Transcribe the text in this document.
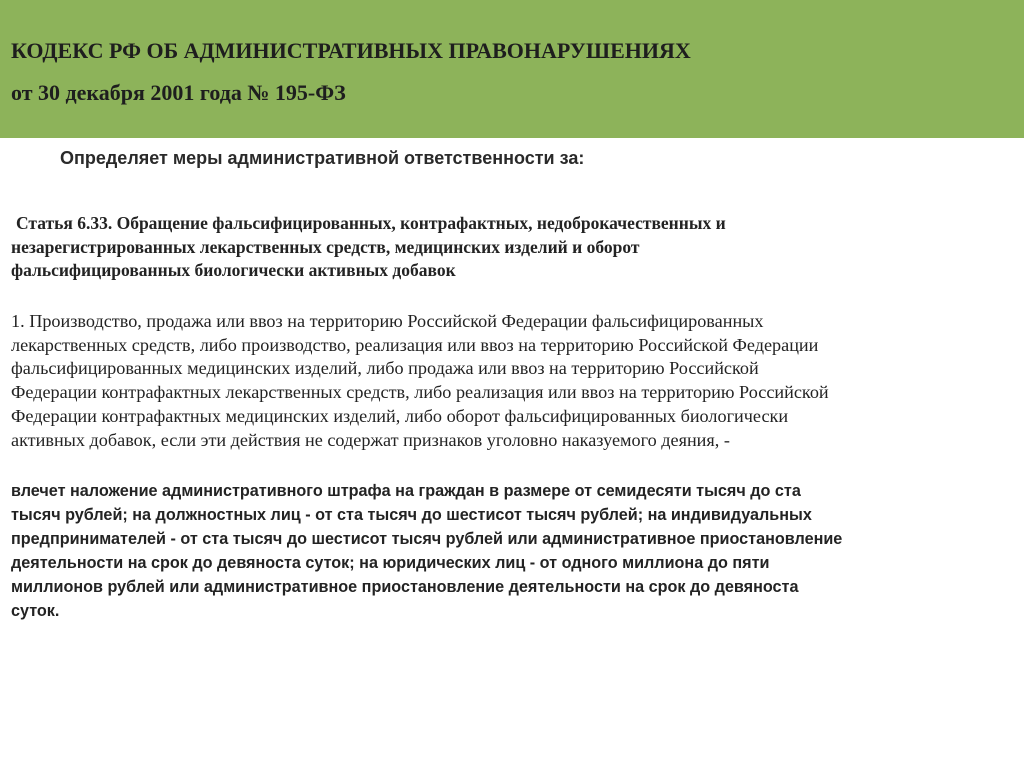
КОДЕКС РФ ОБ АДМИНИСТРАТИВНЫХ ПРАВОНАРУШЕНИЯХ
от 30 декабря 2001 года № 195-ФЗ
Определяет меры административной ответственности за:
Статья 6.33. Обращение фальсифицированных, контрафактных, недоброкачественных и
незарегистрированных лекарственных средств, медицинских изделий и оборот
фальсифицированных биологически активных добавок
1. Производство, продажа или ввоз на территорию Российской Федерации фальсифицированных
лекарственных средств, либо производство, реализация или ввоз на территорию Российской Федерации
фальсифицированных медицинских изделий, либо продажа или ввоз на территорию Российской
Федерации контрафактных лекарственных средств, либо реализация или ввоз на территорию Российской
Федерации контрафактных медицинских изделий, либо оборот фальсифицированных биологически
активных добавок, если эти действия не содержат признаков уголовно наказуемого деяния, -
влечет наложение административного штрафа на граждан в размере от семидесяти тысяч до ста
тысяч рублей; на должностных лиц - от ста тысяч до шестисот тысяч рублей; на индивидуальных
предпринимателей - от ста тысяч до шестисот тысяч рублей или административное приостановление
деятельности на срок до девяноста суток; на юридических лиц - от одного миллиона до пяти
миллионов рублей или административное приостановление деятельности на срок до девяноста
суток.
